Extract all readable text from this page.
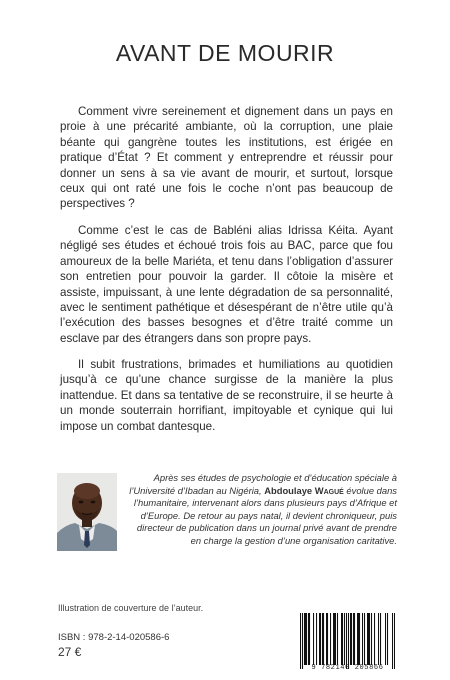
AVANT DE MOURIR

Comment vivre sereinement et dignement dans un pays en proie à une précarité ambiante, où la corruption, une plaie béante qui gangrène toutes les institutions, est érigée en pratique d’État ? Et comment y entreprendre et réussir pour donner un sens à sa vie avant de mourir, et surtout, lorsque ceux qui ont raté une fois le coche n’ont pas beaucoup de perspectives ?

Comme c’est le cas de Babléni alias Idrissa Kéita. Ayant négligé ses études et échoué trois fois au BAC, parce que fou amoureux de la belle Mariéta, et tenu dans l’obligation d’assurer son entretien pour pouvoir la garder. Il côtoie la misère et assiste, impuissant, à une lente dégradation de sa personnalité, avec le sentiment pathétique et désespérant de n’être utile qu’à l’exécution des basses besognes et d’être traité comme un esclave par des étrangers dans son propre pays.

Il subit frustrations, brimades et humiliations au quotidien jusqu’à ce qu’une chance surgisse de la manière la plus inattendue. Et dans sa tentative de se reconstruire, il se heurte à un monde souterrain horrifiant, impitoyable et cynique qui lui impose un combat dantesque.

Après ses études de psychologie et d’éducation spéciale à l’Université d’Ibadan au Nigéria, Abdoulaye Wagué évolue dans l’humanitaire, intervenant alors dans plusieurs pays d’Afrique et d’Europe. De retour au pays natal, il devient chroniqueur, puis directeur de publication dans un journal privé avant de prendre en charge la gestion d’une organisation caritative.
Illustration de couverture de l’auteur.
ISBN : 978-2-14-020586-6
27 €
9 782140 205866
